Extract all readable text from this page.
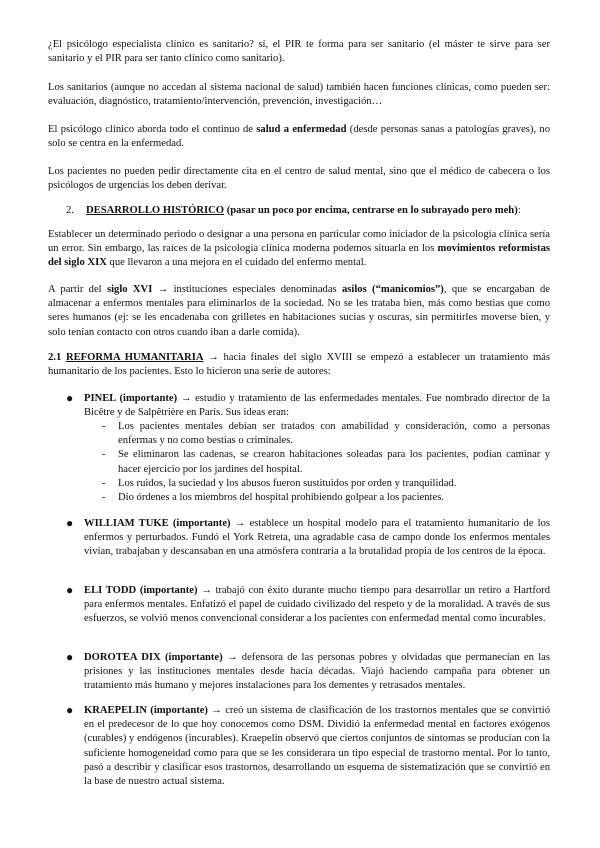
¿El psicólogo especialista clínico es sanitario? sí, el PIR te forma para ser sanitario (el máster te sirve para ser sanitario y el PIR para ser tanto clínico como sanitario).

Los sanitarios (aunque no accedan al sistema nacional de salud) también hacen funciones clínicas, como pueden ser: evaluación, diagnóstico, tratamiento/intervención, prevención, investigación…

El psicólogo clínico aborda todo el continuo de salud a enfermedad (desde personas sanas a patologías graves), no solo se centra en la enfermedad.

Los pacientes no pueden pedir directamente cita en el centro de salud mental, sino que el médico de cabecera o los psicólogos de urgencias los deben derivar.

2. DESARROLLO HISTÓRICO (pasar un poco por encima, centrarse en lo subrayado pero meh):

Establecer un determinado periodo o designar a una persona en particular como iniciador de la psicología clínica sería un error. Sin embargo, las raíces de la psicología clínica moderna podemos situarla en los movimientos reformistas del siglo XIX que llevaron a una mejora en el cuidado del enfermo mental.

A partir del siglo XVI → instituciones especiales denominadas asilos (“manicomios”), que se encargaban de almacenar a enfermos mentales para eliminarlos de la sociedad. No se les trataba bien, más como bestias que como seres humanos (ej: se les encadenaba con grilletes en habitaciones sucias y oscuras, sin permitirles moverse bien, y solo tenían contacto con otros cuando iban a darle comida).

2.1 REFORMA HUMANITARIA → hacia finales del siglo XVIII se empezó a establecer un tratamiento más humanitario de los pacientes. Esto lo hicieron una serie de autores:

● PINEL (importante) → estudio y tratamiento de las enfermedades mentales. Fue nombrado director de la Bicêtre y de Salpêtrière en París. Sus ideas eran:

- Los pacientes mentales debían ser tratados con amabilidad y consideración, como a personas enfermas y no como bestias o criminales.
- Se eliminaron las cadenas, se crearon habitaciones soleadas para los pacientes, podían caminar y hacer ejercicio por los jardines del hospital.
- Los ruidos, la suciedad y los abusos fueron sustituidos por orden y tranquilidad.
- Dio órdenes a los miembros del hospital prohibiendo golpear a los pacientes.
● WILLIAM TUKE (importante) → establece un hospital modelo para el tratamiento humanitario de los enfermos y perturbados. Fundó el York Retreta, una agradable casa de campo donde los enfermos mentales vivían, trabajaban y descansaban en una atmósfera contraria a la brutalidad propia de los centros de la época.

● ELI TODD (importante) → trabajó con éxito durante mucho tiempo para desarrollar un retiro a Hartford para enfermos mentales. Enfatizó el papel de cuidado civilizado del respeto y de la moralidad. A través de sus esfuerzos, se volvió menos convencional considerar a los pacientes con enfermedad mental como incurables.

● DOROTEA DIX (importante) → defensora de las personas pobres y olvidadas que permanecían en las prisiones y las instituciones mentales desde hacía décadas. Viajó haciendo campaña para obtener un tratamiento más humano y mejores instalaciones para los dementes y retrasados mentales.

● KRAEPELIN (importante) → creó un sistema de clasificación de los trastornos mentales que se convirtió en el predecesor de lo que hoy conocemos como DSM. Dividió la enfermedad mental en factores exógenos (curables) y endógenos (incurables). Kraepelin observó que ciertos conjuntos de síntomas se producían con la suficiente homogeneidad como para que se les considerara un tipo especial de trastorno mental. Por lo tanto, pasó a describir y clasificar esos trastornos, desarrollando un esquema de sistematización que se convirtió en la base de nuestro actual sistema.
